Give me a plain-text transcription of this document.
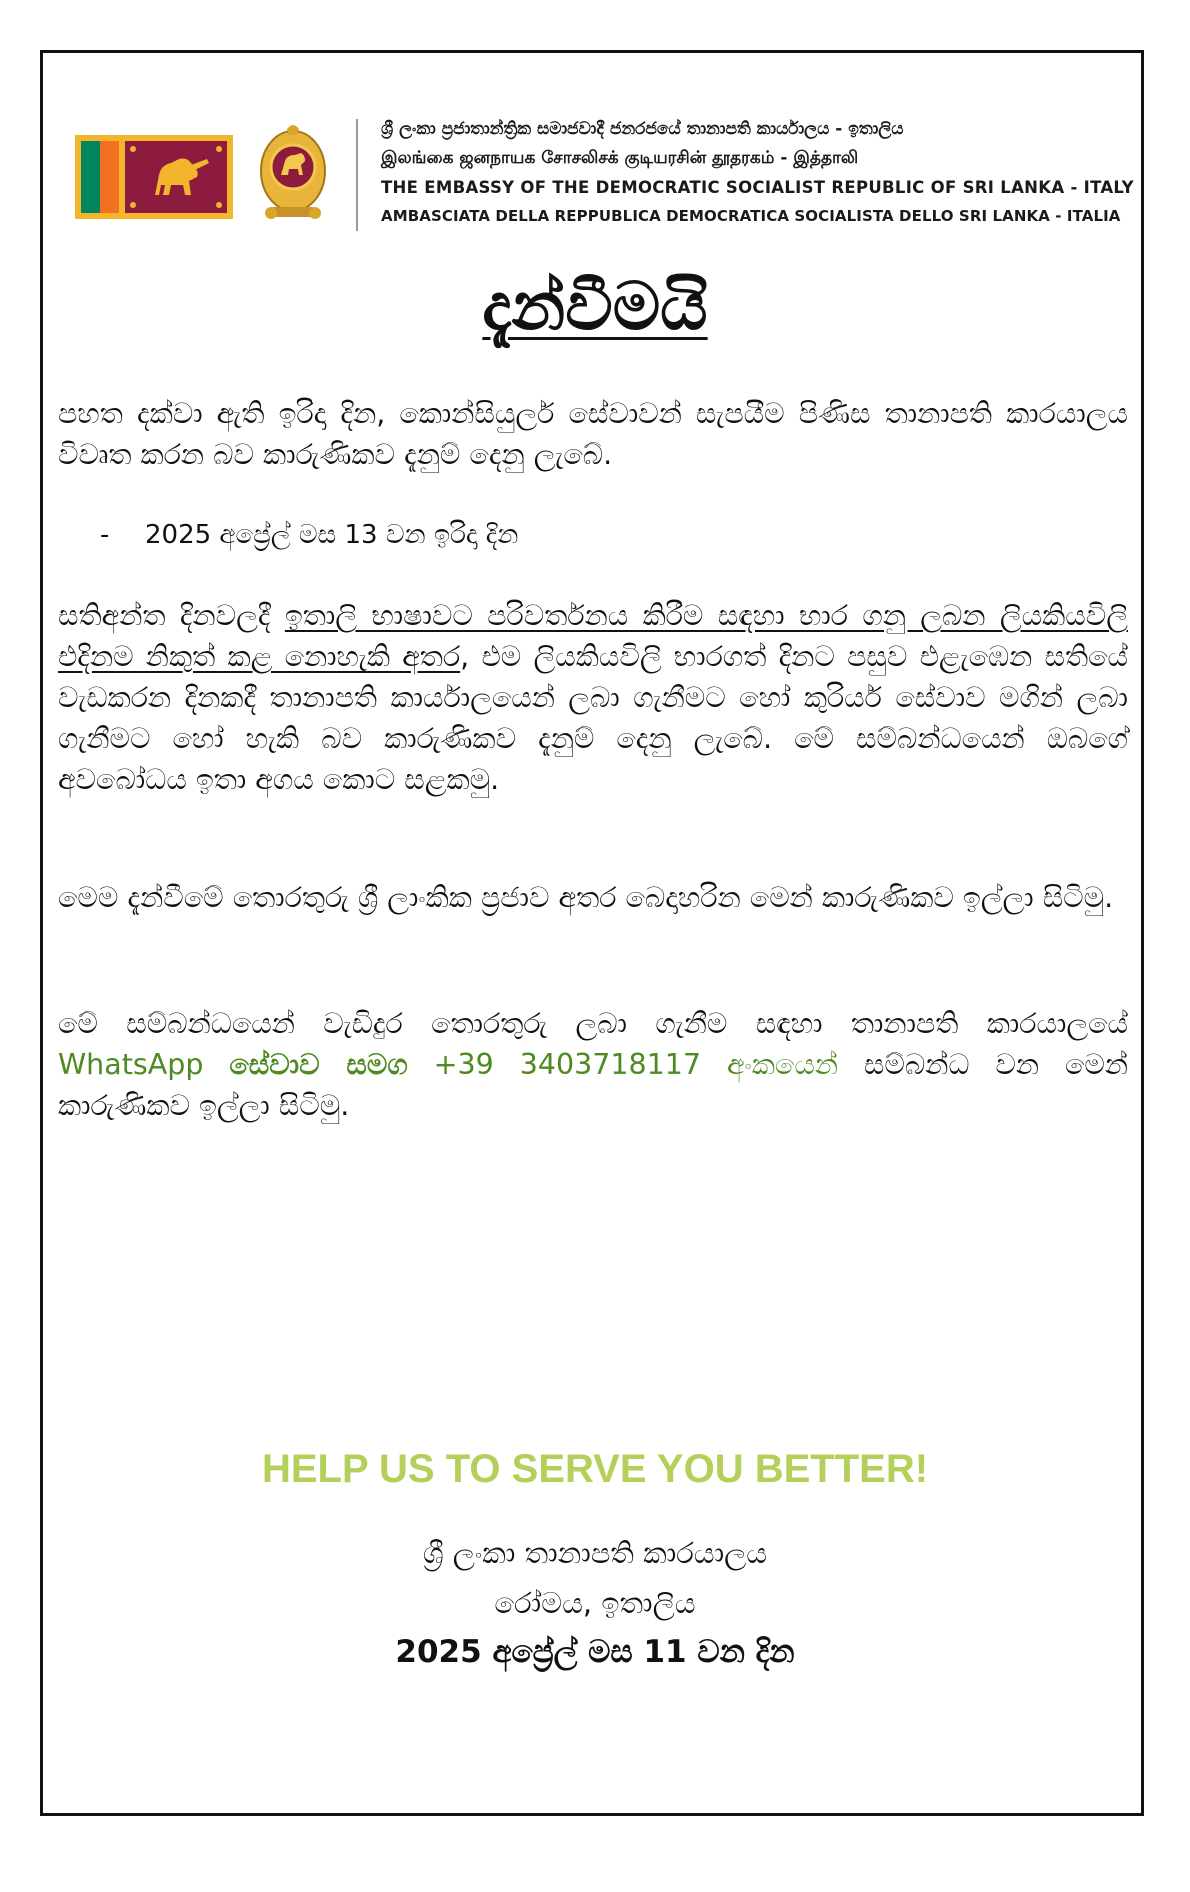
ශ්‍රී ලංකා ප්‍රජාතාන්ත්‍රික සමාජවාදී ජනරජයේ තානාපති කාර්යාලය - ඉතාලිය
இலங்கை ஜனநாயக சோசலிசக் குடியரசின் தூதரகம் - இத்தாலி
THE EMBASSY OF THE DEMOCRATIC SOCIALIST REPUBLIC OF SRI LANKA - ITALY
AMBASCIATA DELLA REPPUBLICA DEMOCRATICA SOCIALISTA DELLO SRI LANKA - ITALIA
දැන්වීමයි
පහත දක්වා ඇති ඉරිදා දින, කොන්සියුලර් සේවාවන් සැපයීම පිණිස තානාපති කාරයාලය විවෘත කරන බව කාරුණිකව දැනුම් දෙනු ලැබේ.
- 2025 අප්‍රේල් මස 13 වන ඉරිදා දින
සතිඅන්ත දිනවලදී ඉතාලි භාෂාවට පරිවර්තනය කිරීම සඳහා භාර ගනු ලබන ලියකියවිලි එදිනම නිකුත් කළ නොහැකි අතර, එම ලියකියවිලි භාරගත් දිනට පසුව එළැඹෙන සතියේ වැඩකරන දිනකදී තානාපති කාර්යාලයෙන් ලබා ගැනීමට හෝ කුරියර් සේවාව මගින් ලබා ගැනීමට හෝ හැකි බව කාරුණිකව දැනුම් දෙනු ලැබේ. මේ සම්බන්ධයෙන් ඔබගේ අවබෝධය ඉතා අගය කොට සළකමු.
මෙම දැන්වීමේ තොරතුරු ශ්‍රී ලාංකික ප්‍රජාව අතර බෙදාහරින මෙන් කාරුණිකව ඉල්ලා සිටිමු.
මේ සම්බන්ධයෙන් වැඩිදුර තොරතුරු ලබා ගැනීම සඳහා තානාපති කාරයාලයේ WhatsApp සේවාව සමග +39 3403718117 අංකයෙන් සම්බන්ධ වන මෙන් කාරුණිකව ඉල්ලා සිටිමු.
HELP US TO SERVE YOU BETTER!
ශ්‍රී ලංකා තානාපති කාරයාලය
රෝමය, ඉතාලිය
2025 අප්‍රේල් මස 11 වන දින
